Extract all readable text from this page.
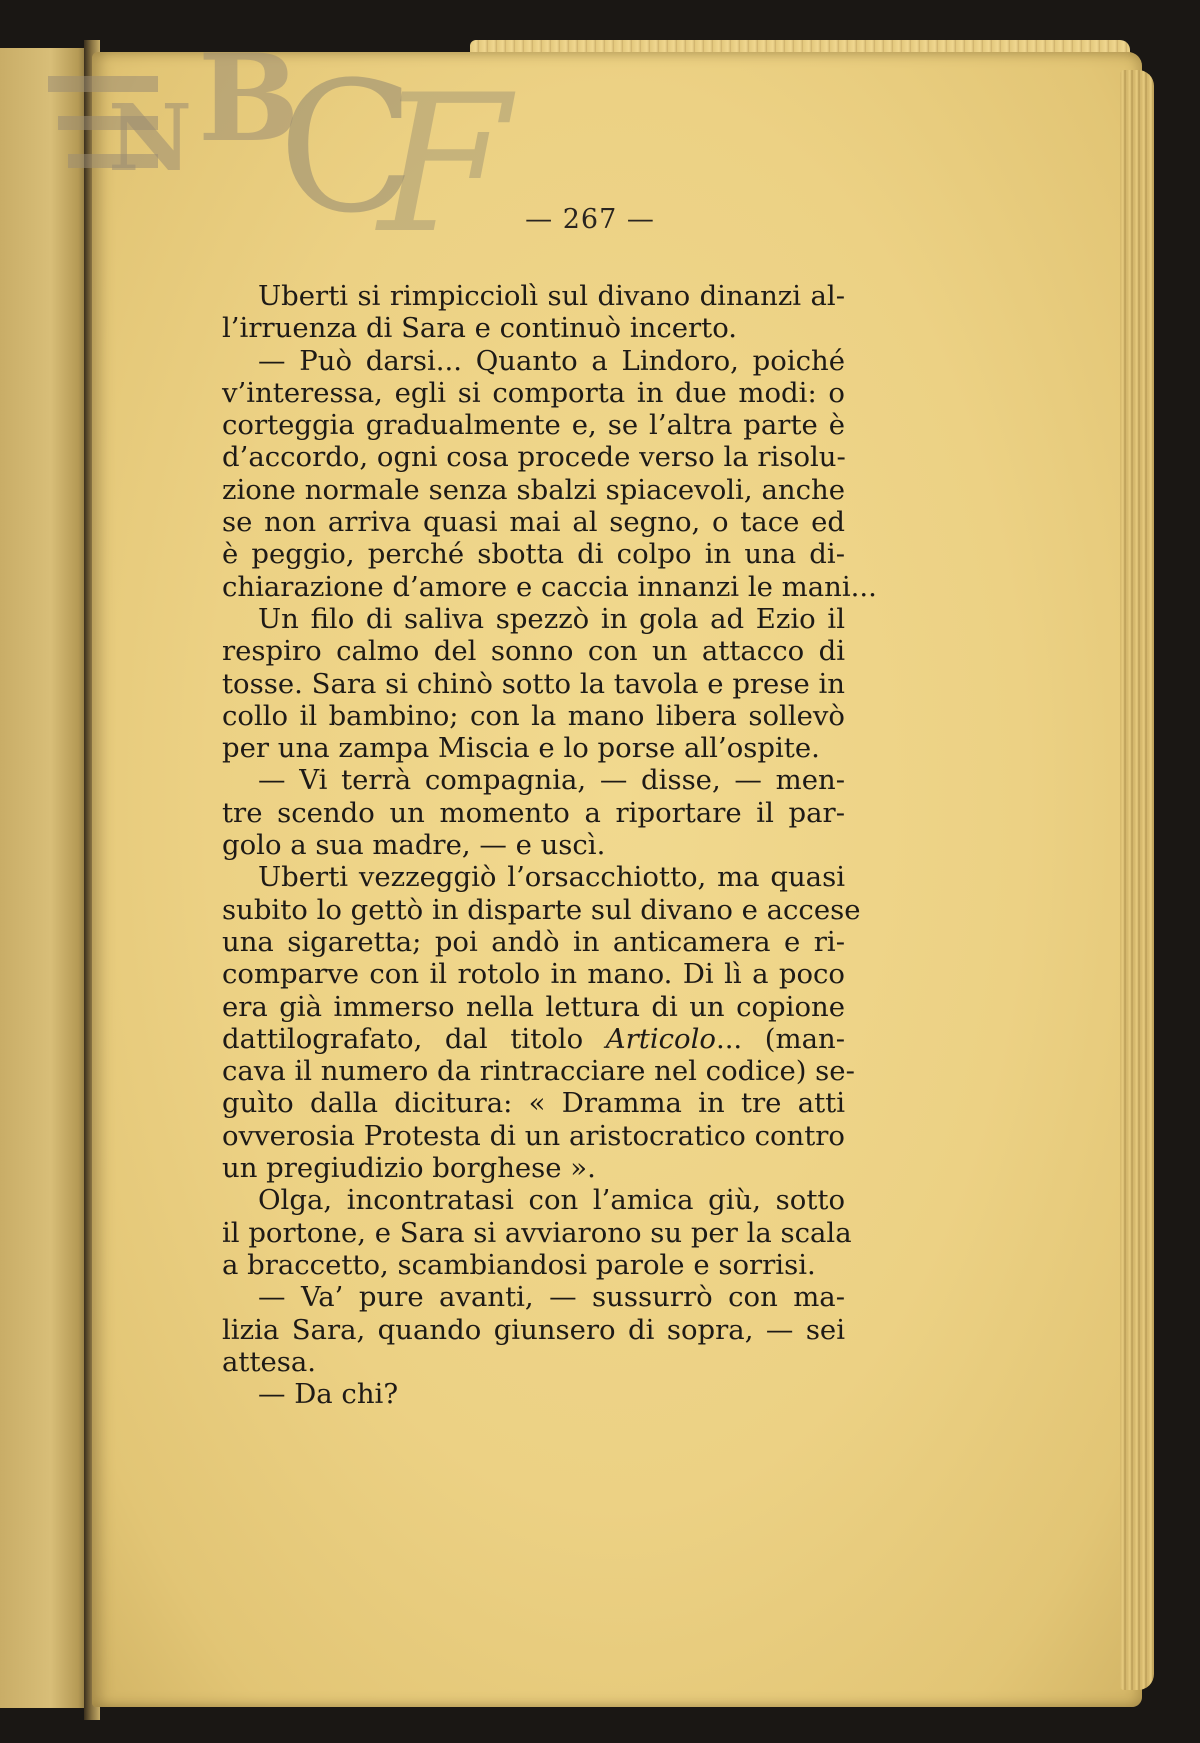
N B
C
F — 267 —

Uberti si rimpicciolì sul divano dinanzi al-
l’irruenza di Sara e continuò incerto.

— Può darsi... Quanto a Lindoro, poiché
v’interessa, egli si comporta in due modi: o
corteggia gradualmente e, se l’altra parte è
d’accordo, ogni cosa procede verso la risolu-
zione normale senza sbalzi spiacevoli, anche
se non arriva quasi mai al segno, o tace ed
è peggio, perché sbotta di colpo in una di-
chiarazione d’amore e caccia innanzi le mani...

Un filo di saliva spezzò in gola ad Ezio il
respiro calmo del sonno con un attacco di
tosse. Sara si chinò sotto la tavola e prese in
collo il bambino; con la mano libera sollevò
per una zampa Miscia e lo porse all’ospite.

— Vi terrà compagnia, — disse, — men-
tre scendo un momento a riportare il par-
golo a sua madre, — e uscì.

Uberti vezzeggiò l’orsacchiotto, ma quasi
subito lo gettò in disparte sul divano e accese
una sigaretta; poi andò in anticamera e ri-
comparve con il rotolo in mano. Di lì a poco
era già immerso nella lettura di un copione
dattilografato, dal titolo Articolo... (man-
cava il numero da rintracciare nel codice) se-
guìto dalla dicitura: « Dramma in tre atti
ovverosia Protesta di un aristocratico contro
un pregiudizio borghese ».

Olga, incontratasi con l’amica giù, sotto
il portone, e Sara si avviarono su per la scala
a braccetto, scambiandosi parole e sorrisi.

— Va’ pure avanti, — sussurrò con ma-
lizia Sara, quando giunsero di sopra, — sei
attesa.

— Da chi?
